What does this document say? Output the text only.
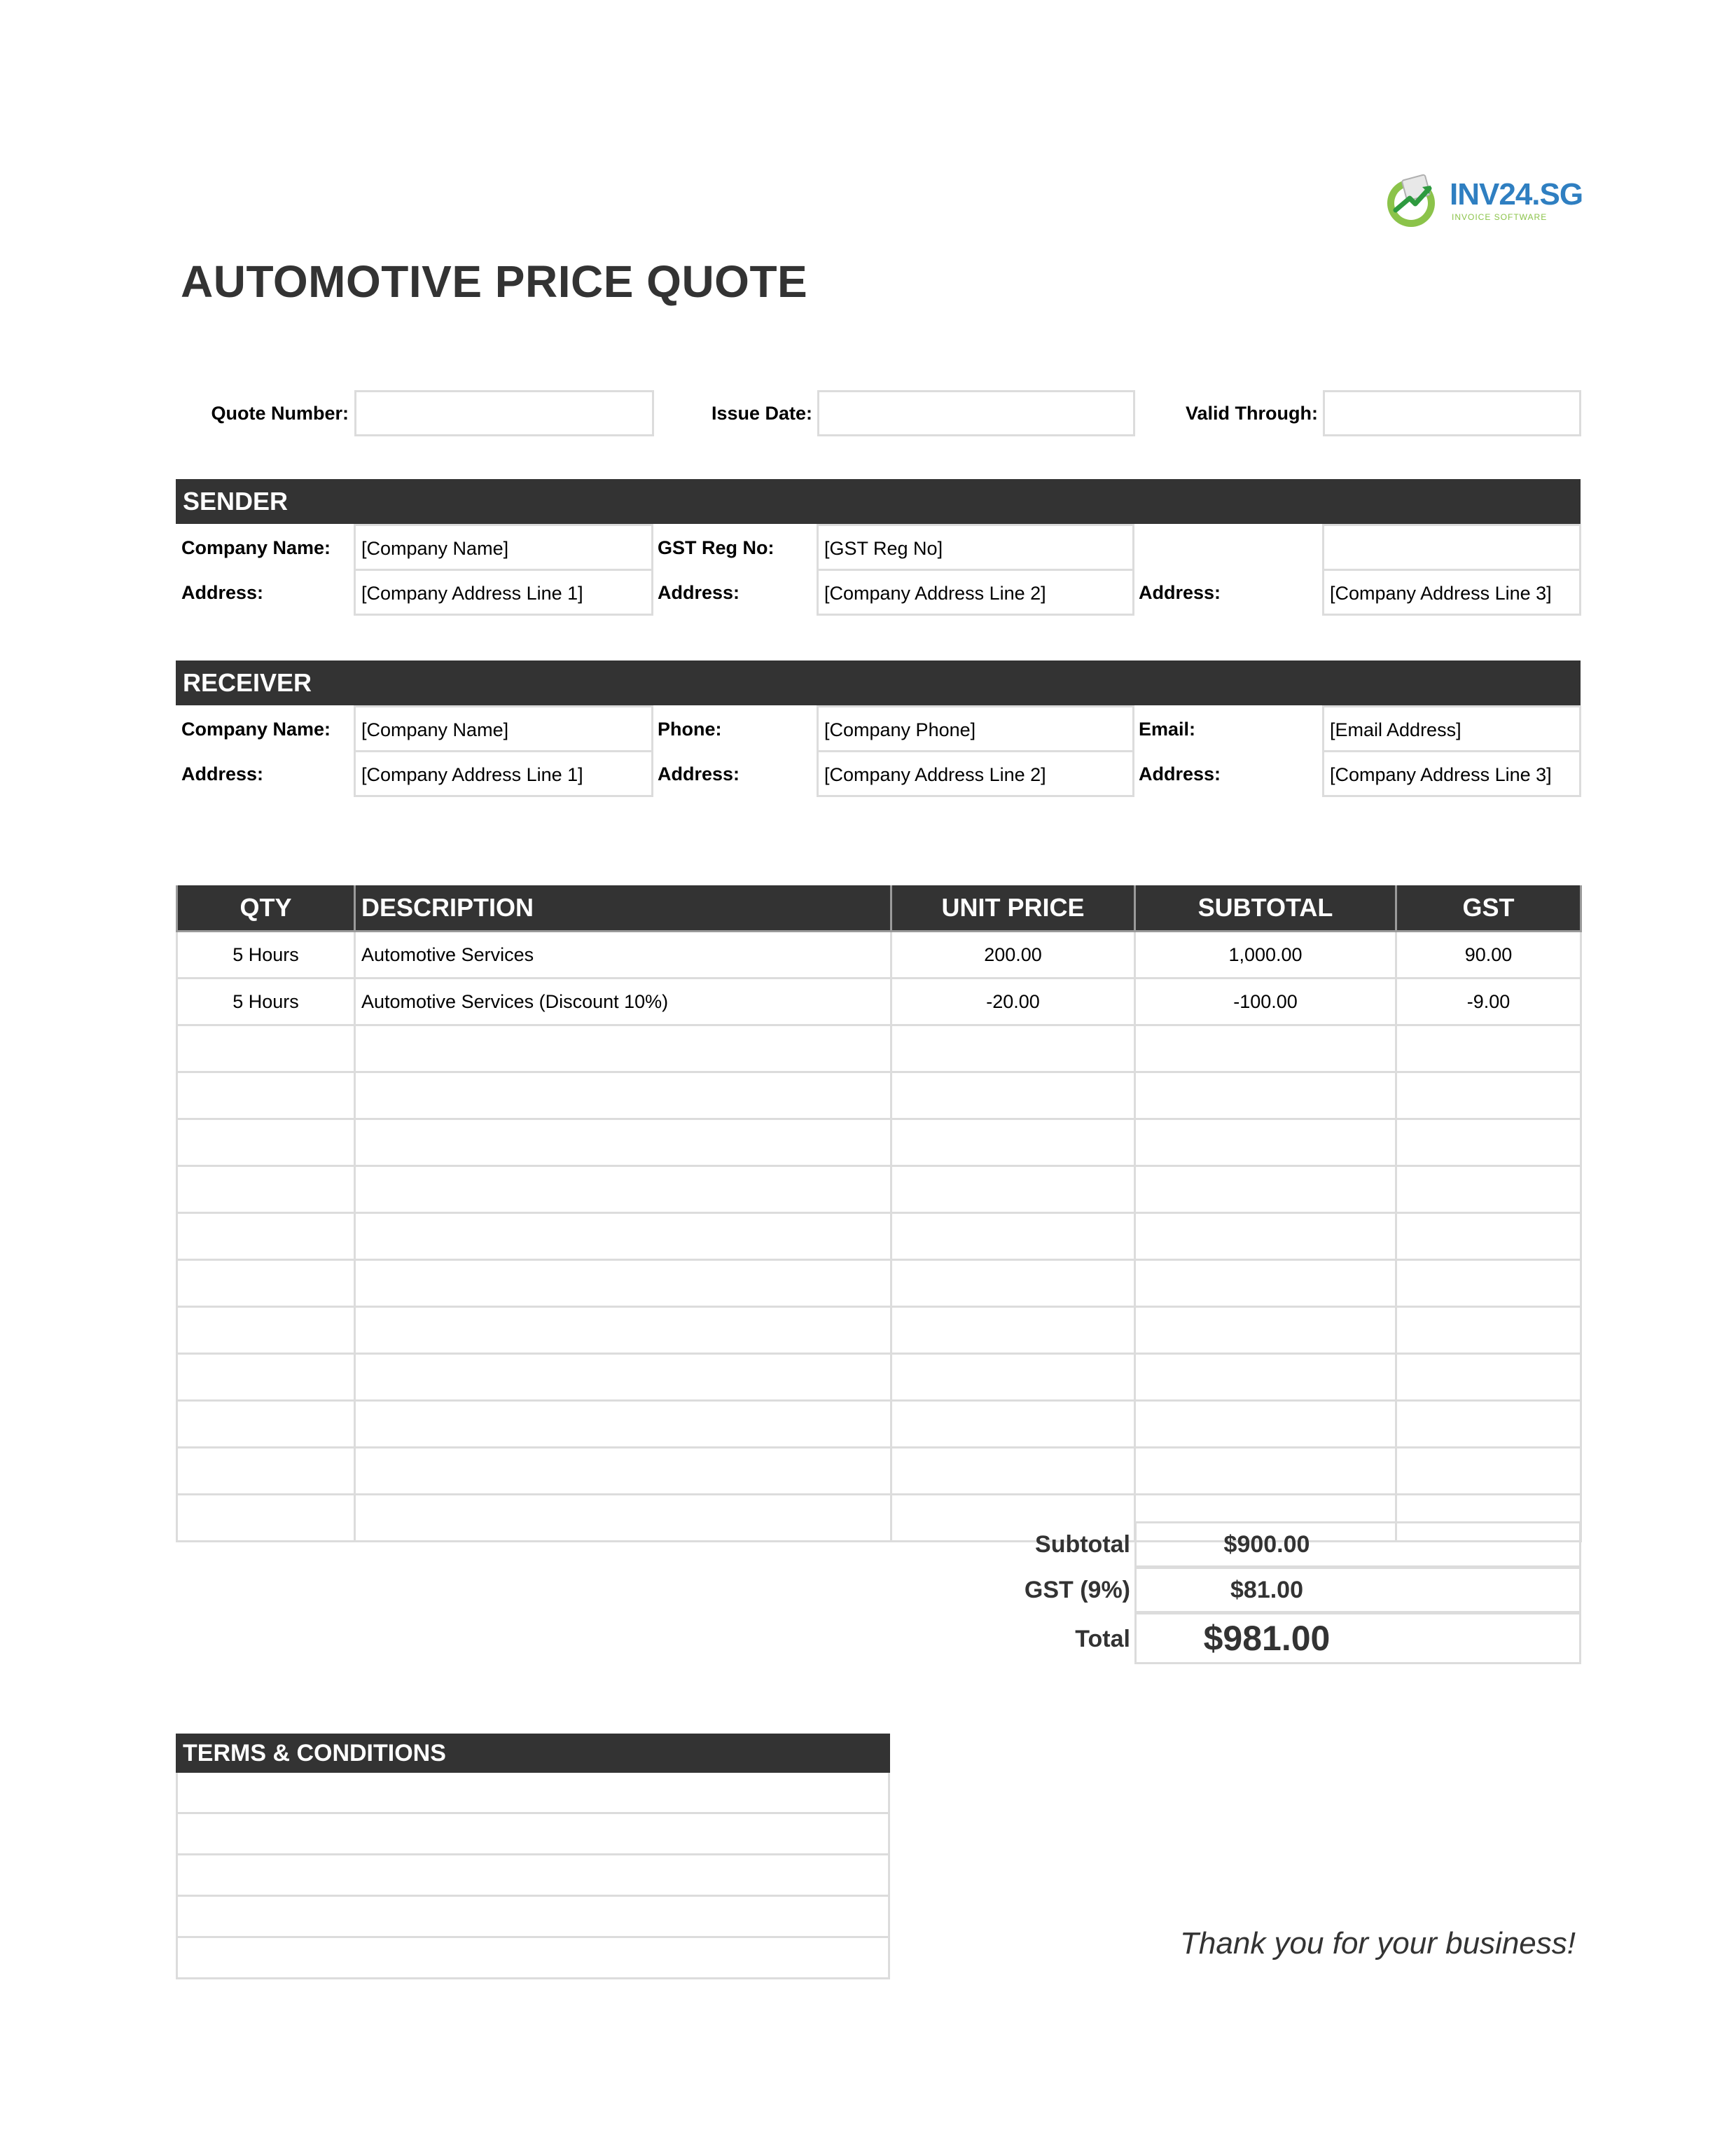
INV24.SG
INVOICE SOFTWARE
AUTOMOTIVE PRICE QUOTE
Quote Number:	Issue Date:	Valid Through:
SENDER
Company Name:	[Company Name]	GST Reg No:	[GST Reg No]
Address:	[Company Address Line 1]	Address:	[Company Address Line 2]	Address:	[Company Address Line 3]
RECEIVER
Company Name:	[Company Name]	Phone:	[Company Phone]	Email:	[Email Address]
Address:	[Company Address Line 1]	Address:	[Company Address Line 2]	Address:	[Company Address Line 3]
QTY	DESCRIPTION	UNIT PRICE	SUBTOTAL	GST
5 Hours	Automotive Services	200.00	1,000.00	90.00
5 Hours	Automotive Services (Discount 10%)	-20.00	-100.00	-9.00

Subtotal	$900.00
GST (9%)	$81.00
Total	$981.00
TERMS & CONDITIONS
Thank you for your business!
